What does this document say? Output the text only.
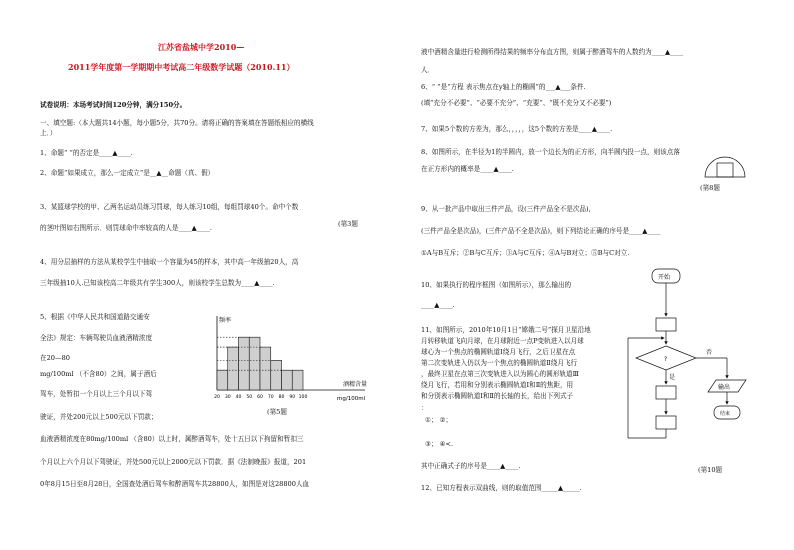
江苏省盐城中学2010—
2011学年度第一学期期中考试高二年级数学试题（2010.11）
试卷说明：本场考试时间120分钟，满分150分。
一、填空题:（本大题共14小题，每小题5分，共70分。请将正确的答案填在答题纸相应的横线
上．）
1、命题“ ”的否定是____▲____.
2、命题“如果成立，那么一定成立”是__▲__命题（真、假）
3、某篮球学校的甲、乙两名运动员练习罚球，每人练习10组，每组罚球40个。命中个数
的茎叶图如右图所示．则罚球命中率较高的人是____▲____.	(第3题
4、用分层抽样的方法从某校学生中抽取一个容量为45的样本，其中高一年级抽20人，高
三年级抽10人.已知该校高二年级共有学生300人，则该校学生总数为____▲____.
5、根据《中华人民共和国道路交通安
全法》规定：车辆驾驶员血液酒精浓度
在20—80
mg/100ml （不含80）之间，属于酒后
驾车，处暂扣一个月以上三个月以下驾
驶证，并处200元以上500元以下罚款；
血液酒精浓度在80mg/100ml （含80）以上时，属醉酒驾车，处十五日以下拘留和暂扣三
个月以上六个月以下驾驶证，并处500元以上2000元以下罚款．据《法制晚报》报道，201
0年8月15日至8月28日，全国查处酒后驾车和醉酒驾车共28800人，如图是对这28800人血
20 30 40 50 60 70 80 90 100
频率
酒精含量
mg/100ml
(第5题
液中酒精含量进行检测所得结果的频率分布直方图，则属于醉酒驾车的人数约为____▲____
人．
6、“ ”是“方程 表示焦点在y轴上的椭圆”的___▲___条件.
(填“充分不必要”、“必要不充分”、“充要”、“既不充分又不必要”)
7、如果5个数的方差为，那么，，，，，这5个数的方差是____▲____.
8、如图所示，在半径为1的半圆内，放一个边长为的正方形，向半圆内投一点，则该点落
在正方形内的概率是____▲____.
(第8题
9、从一批产品中取出三件产品，设(三件产品全不是次品),
(三件产品全是次品)，(三件产品不全是次品)，则下列结论正确的序号是____▲____
①A与B互斥；②B与C互斥；③A与C互斥；④A与B对立；⑤B与C对立.
10、如果执行的程序框图（如图所示），那么输出的
____▲____.
11、如图所示，2010年10月1日“嫦娥二号”探月卫星沿地
月转移轨道飞向月球，在月球附近一点P变轨进入以月球
球心为一个焦点的椭圆轨道Ⅰ绕月飞行，之后卫星在点
第二次变轨进入仍以为一个焦点的椭圆轨道Ⅱ绕月飞行
，最终卫星在点第三次变轨进入以为圆心的圆形轨道Ⅲ
绕月飞行，若用和分别表示椭圆轨道Ⅰ和Ⅱ的焦距，用
和分别表示椭圆轨道Ⅰ和Ⅱ的长轴的长，给出下列式子
：
①； ②；
③； ④<.
其中正确式子的序号是____▲____.	(第10题
12、已知方程表示双曲线，则的取值范围_____▲_____.
开始
?
否
是
输出
结束
